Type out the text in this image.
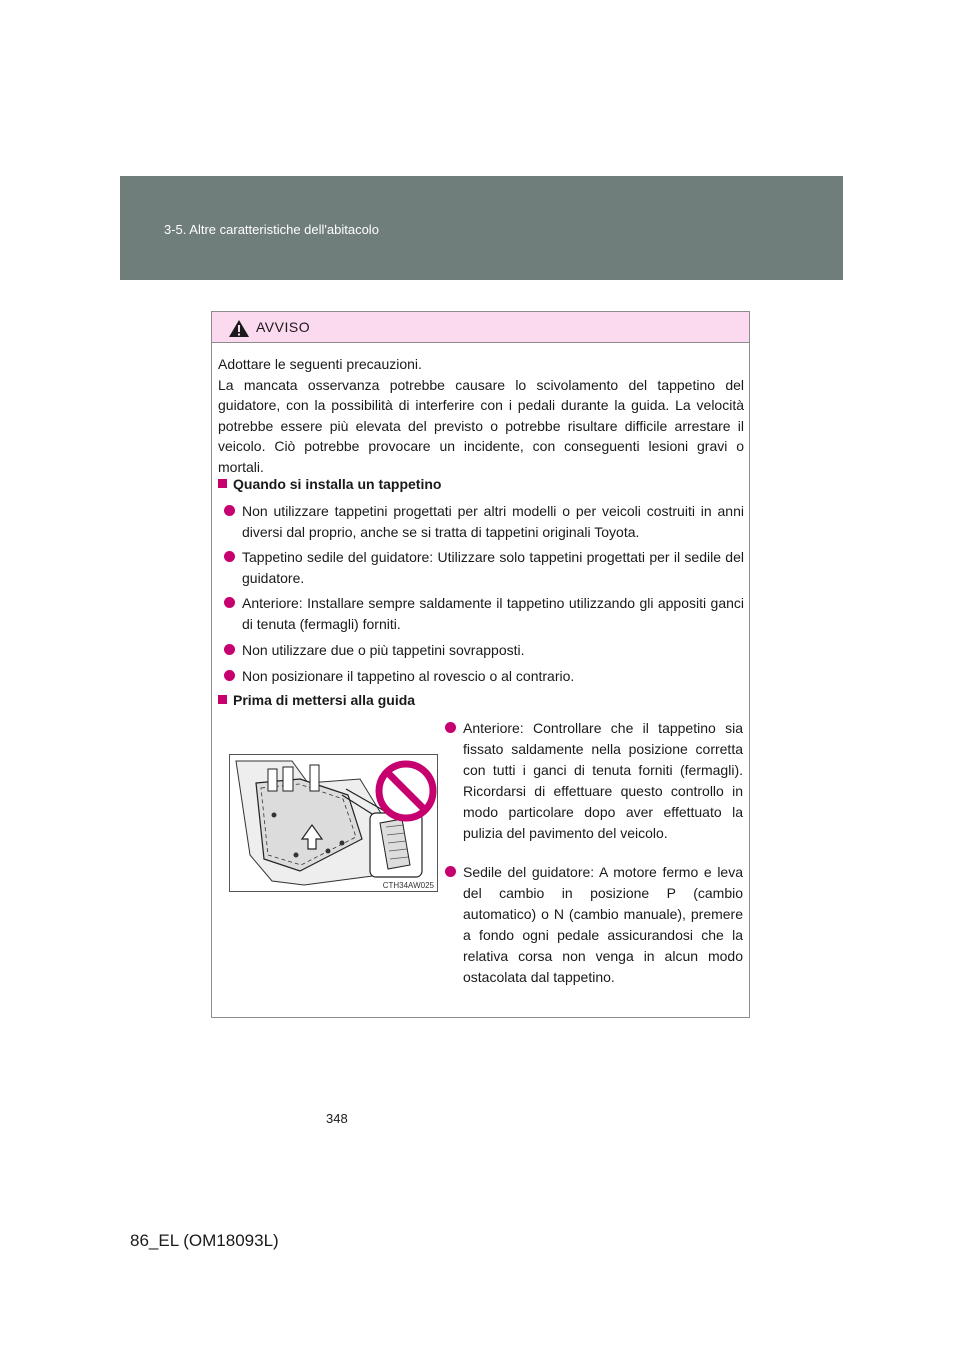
3-5. Altre caratteristiche dell'abitacolo
AVVISO

Adottare le seguenti precauzioni.

La mancata osservanza potrebbe causare lo scivolamento del tappetino del guidatore, con la possibilità di interferire con i pedali durante la guida. La velocità potrebbe essere più elevata del previsto o potrebbe risultare difficile arrestare il veicolo. Ciò potrebbe provocare un incidente, con conseguenti lesioni gravi o mortali.

Quando si installa un tappetino
Non utilizzare tappetini progettati per altri modelli o per veicoli costruiti in anni diversi dal proprio, anche se si tratta di tappetini originali Toyota.
Tappetino sedile del guidatore: Utilizzare solo tappetini progettati per il sedile del guidatore.
Anteriore: Installare sempre saldamente il tappetino utilizzando gli appositi ganci di tenuta (fermagli) forniti.
Non utilizzare due o più tappetini sovrapposti.
Non posizionare il tappetino al rovescio o al contrario.
Prima di mettersi alla guida
CTH34AW025
Anteriore: Controllare che il tappetino sia fissato saldamente nella posizione corretta con tutti i ganci di tenuta forniti (fermagli). Ricordarsi di effettuare questo controllo in modo particolare dopo aver effettuato la pulizia del pavimento del veicolo.
Sedile del guidatore: A motore fermo e leva del cambio in posizione P (cambio automatico) o N (cambio manuale), premere a fondo ogni pedale assicurandosi che la relativa corsa non venga in alcun modo ostacolata dal tappetino.
348
86_EL (OM18093L)
